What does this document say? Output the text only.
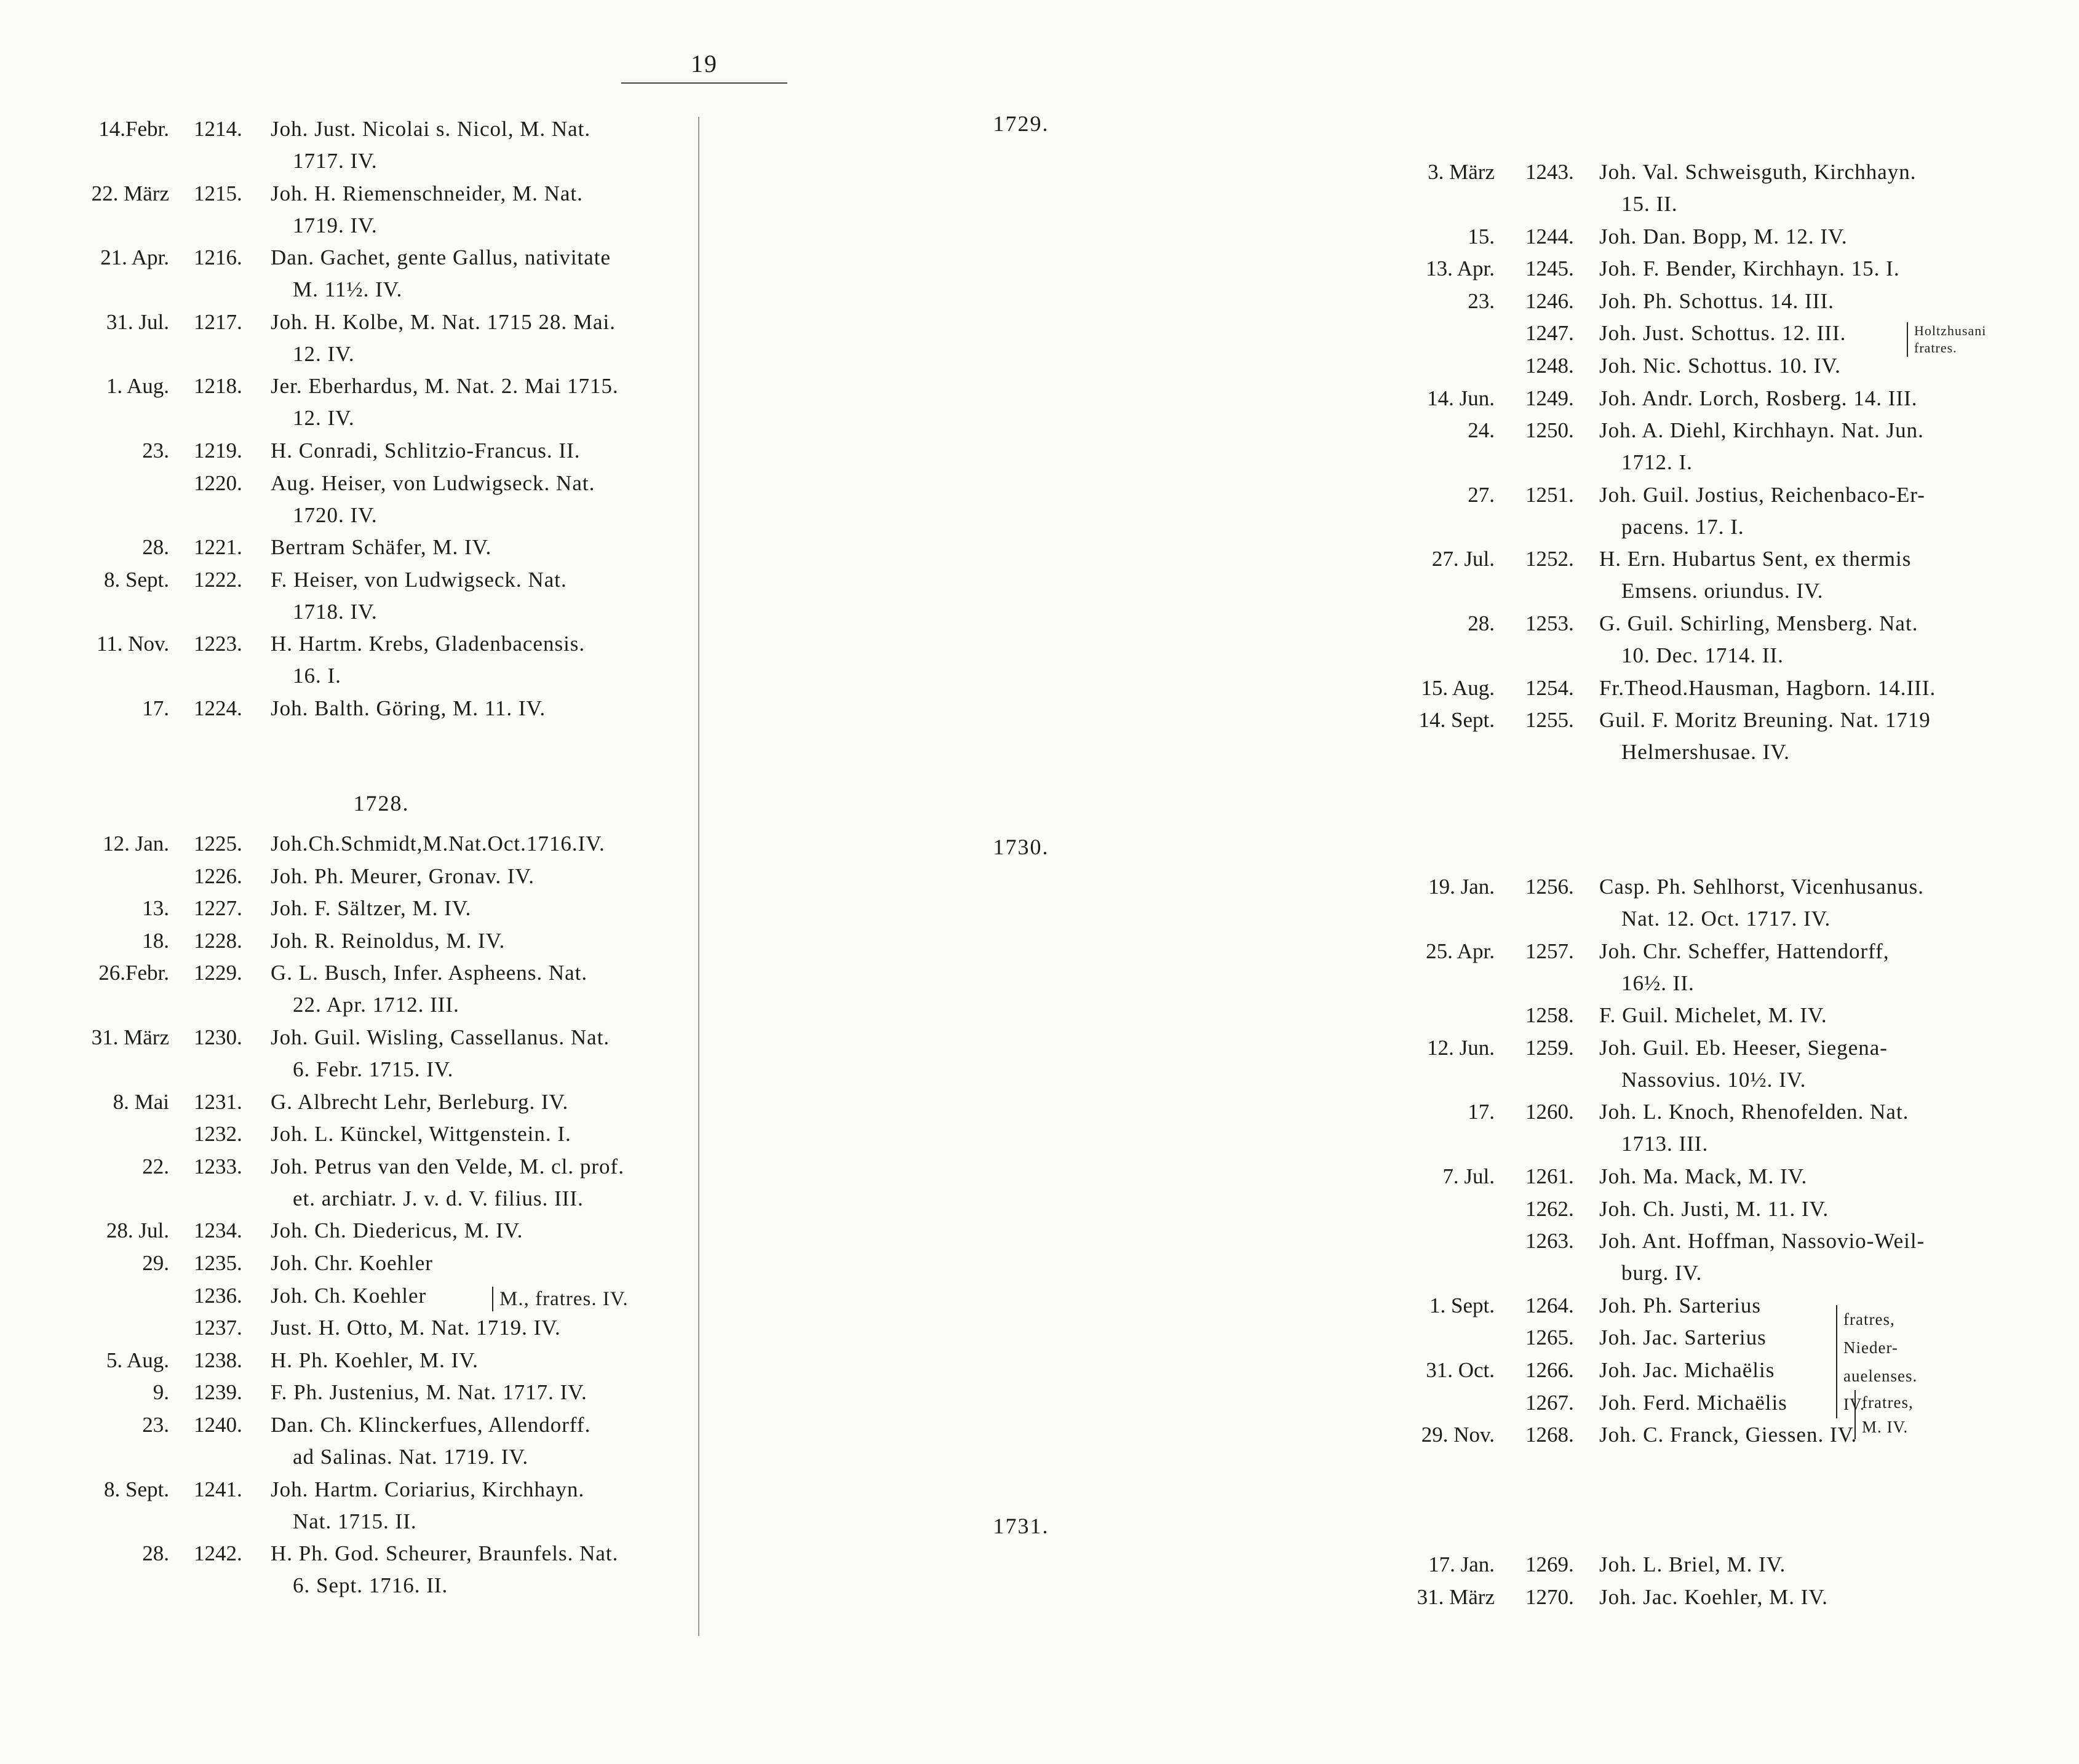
19
14.Febr. 1214. Joh. Just. Nicolai s. Nicol, M. Nat.
1717. IV.
22. März 1215. Joh. H. Riemenschneider, M. Nat.
1719. IV.
21. Apr. 1216. Dan. Gachet, gente Gallus, nativitate
M. 11½. IV.
31. Jul. 1217. Joh. H. Kolbe, M. Nat. 1715 28. Mai.
12. IV.
1. Aug. 1218. Jer. Eberhardus, M. Nat. 2. Mai 1715.
12. IV.
23. 1219. H. Conradi, Schlitzio-Francus. II.
1220. Aug. Heiser, von Ludwigseck. Nat.
1720. IV.
28. 1221. Bertram Schäfer, M. IV.
8. Sept. 1222. F. Heiser, von Ludwigseck. Nat.
1718. IV.
11. Nov. 1223. H. Hartm. Krebs, Gladenbacensis.
16. I.
17. 1224. Joh. Balth. Göring, M. 11. IV.
1728.
12. Jan. 1225. Joh.Ch.Schmidt,M.Nat.Oct.1716.IV.
1226. Joh. Ph. Meurer, Gronav. IV.
13. 1227. Joh. F. Sältzer, M. IV.
18. 1228. Joh. R. Reinoldus, M. IV.
26.Febr. 1229. G. L. Busch, Infer. Aspheens. Nat.
22. Apr. 1712. III.
31. März 1230. Joh. Guil. Wisling, Cassellanus. Nat.
6. Febr. 1715. IV.
8. Mai 1231. G. Albrecht Lehr, Berleburg. IV.
1232. Joh. L. Künckel, Wittgenstein. I.
22. 1233. Joh. Petrus van den Velde, M. cl. prof.
et. archiatr. J. v. d. V. filius. III.
28. Jul. 1234. Joh. Ch. Diedericus, M. IV.
29. 1235. Joh. Chr. Koehler
1236. Joh. Ch. Koehler
1237. Just. H. Otto, M. Nat. 1719. IV.
5. Aug. 1238. H. Ph. Koehler, M. IV.
9. 1239. F. Ph. Justenius, M. Nat. 1717. IV.
23. 1240. Dan. Ch. Klinckerfues, Allendorff.
ad Salinas. Nat. 1719. IV.
8. Sept. 1241. Joh. Hartm. Coriarius, Kirchhayn.
Nat. 1715. II.
28. 1242. H. Ph. God. Scheurer, Braunfels. Nat.
6. Sept. 1716. II.
M., fratres. IV.
1729.
3. März 1243. Joh. Val. Schweisguth, Kirchhayn.
15. II.
15. 1244. Joh. Dan. Bopp, M. 12. IV.
13. Apr. 1245. Joh. F. Bender, Kirchhayn. 15. I.
23. 1246. Joh. Ph. Schottus. 14. III.
1247. Joh. Just. Schottus. 12. III.
1248. Joh. Nic. Schottus. 10. IV.
14. Jun. 1249. Joh. Andr. Lorch, Rosberg. 14. III.
24. 1250. Joh. A. Diehl, Kirchhayn. Nat. Jun.
1712. I.
27. 1251. Joh. Guil. Jostius, Reichenbaco-Er-
pacens. 17. I.
27. Jul. 1252. H. Ern. Hubartus Sent, ex thermis
Emsens. oriundus. IV.
28. 1253. G. Guil. Schirling, Mensberg. Nat.
10. Dec. 1714. II.
15. Aug. 1254. Fr.Theod.Hausman, Hagborn. 14.III.
14. Sept. 1255. Guil. F. Moritz Breuning. Nat. 1719
Helmershusae. IV.
1730.
19. Jan. 1256. Casp. Ph. Sehlhorst, Vicenhusanus.
Nat. 12. Oct. 1717. IV.
25. Apr. 1257. Joh. Chr. Scheffer, Hattendorff,
16½. II.
1258. F. Guil. Michelet, M. IV.
12. Jun. 1259. Joh. Guil. Eb. Heeser, Siegena-
Nassovius. 10½. IV.
17. 1260. Joh. L. Knoch, Rhenofelden. Nat.
1713. III.
7. Jul. 1261. Joh. Ma. Mack, M. IV.
1262. Joh. Ch. Justi, M. 11. IV.
1263. Joh. Ant. Hoffman, Nassovio-Weil-
burg. IV.
1. Sept. 1264. Joh. Ph. Sarterius
1265. Joh. Jac. Sarterius
31. Oct. 1266. Joh. Jac. Michaëlis
1267. Joh. Ferd. Michaëlis
29. Nov. 1268. Joh. C. Franck, Giessen. IV.
1731.
17. Jan. 1269. Joh. L. Briel, M. IV.
31. März 1270. Joh. Jac. Koehler, M. IV.
Holtzhusani
fratres.
fratres, Nieder-
auelenses. IV.
fratres, M. IV.
